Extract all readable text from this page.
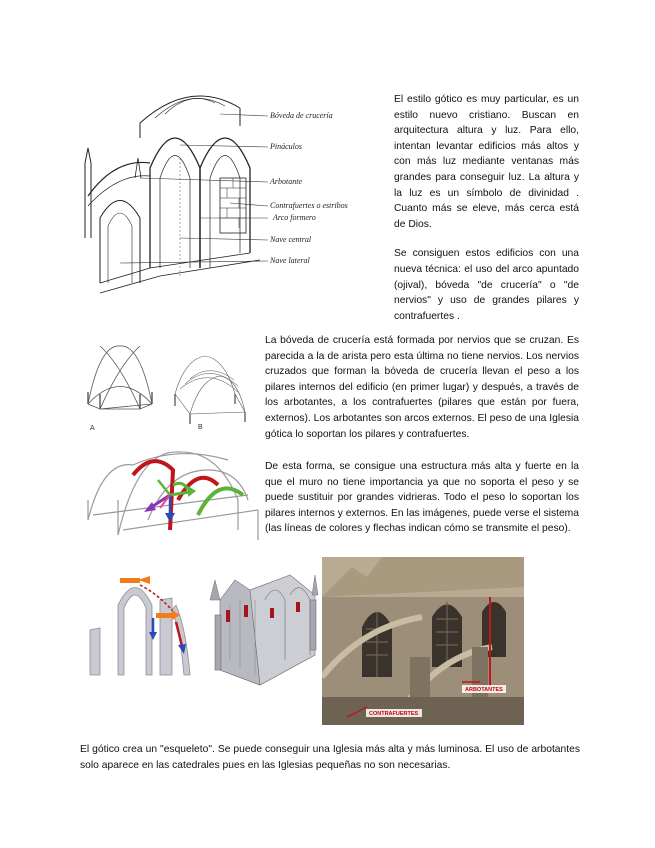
Bóveda de crucería
Pináculos
Arbotante
Contrafuertes o estribos
Arco formero
Nave central
Nave lateral

El estilo gótico es muy particular, es un estilo nuevo cristiano. Buscan en arquitectura altura y luz. Para ello, intentan levantar edificios más altos y con más luz mediante ventanas más grandes para conseguir luz. La altura y la luz es un símbolo de divinidad . Cuanto más se eleve, más cerca está de Dios.

Se consiguen estos edificios con una nueva técnica: el uso del arco apuntado (ojival), bóveda "de crucería" o "de nervios" y uso de grandes pilares y contrafuertes .

A	B

La bóveda de crucería está formada por nervios que se cruzan. Es parecida a la de arista pero esta última no tiene nervios. Los nervios cruzados que forman la bóveda de crucería llevan el peso a los pilares internos del edificio (en primer lugar) y después, a través de los arbotantes, a los contrafuertes (pilares que están por fuera, externos). Los arbotantes son arcos externos. El peso de una Iglesia gótica lo soportan los pilares y contrafuertes.

De esta forma, se consigue una estructura más alta y fuerte en la que el muro no tiene importancia ya que no soporta el peso y se puede sustituir por grandes vidrieras. Todo el peso lo soportan los pilares internos y externos. En las imágenes, puede verse el sistema (las líneas de colores y flechas indican cómo se transmite el peso).

ARBOTANTES
CONTRAFUERTES

El gótico crea un "esqueleto". Se puede conseguir una Iglesia más alta y más luminosa. El uso de arbotantes solo aparece en las catedrales pues en las Iglesias pequeñas no son necesarias.
